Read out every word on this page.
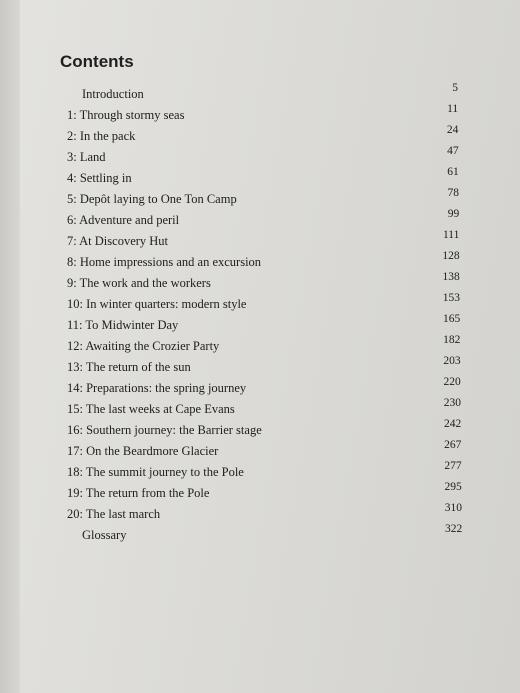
Contents
Introduction	5
1: Through stormy seas	11
2: In the pack	24
3: Land	47
4: Settling in	61
5: Depôt laying to One Ton Camp	78
6: Adventure and peril	99
7: At Discovery Hut	111
8: Home impressions and an excursion	128
9: The work and the workers	138
10: In winter quarters: modern style	153
11: To Midwinter Day	165
12: Awaiting the Crozier Party	182
13: The return of the sun	203
14: Preparations: the spring journey	220
15: The last weeks at Cape Evans	230
16: Southern journey: the Barrier stage	242
17: On the Beardmore Glacier	267
18: The summit journey to the Pole	277
19: The return from the Pole	295
20: The last march	310
Glossary	322
